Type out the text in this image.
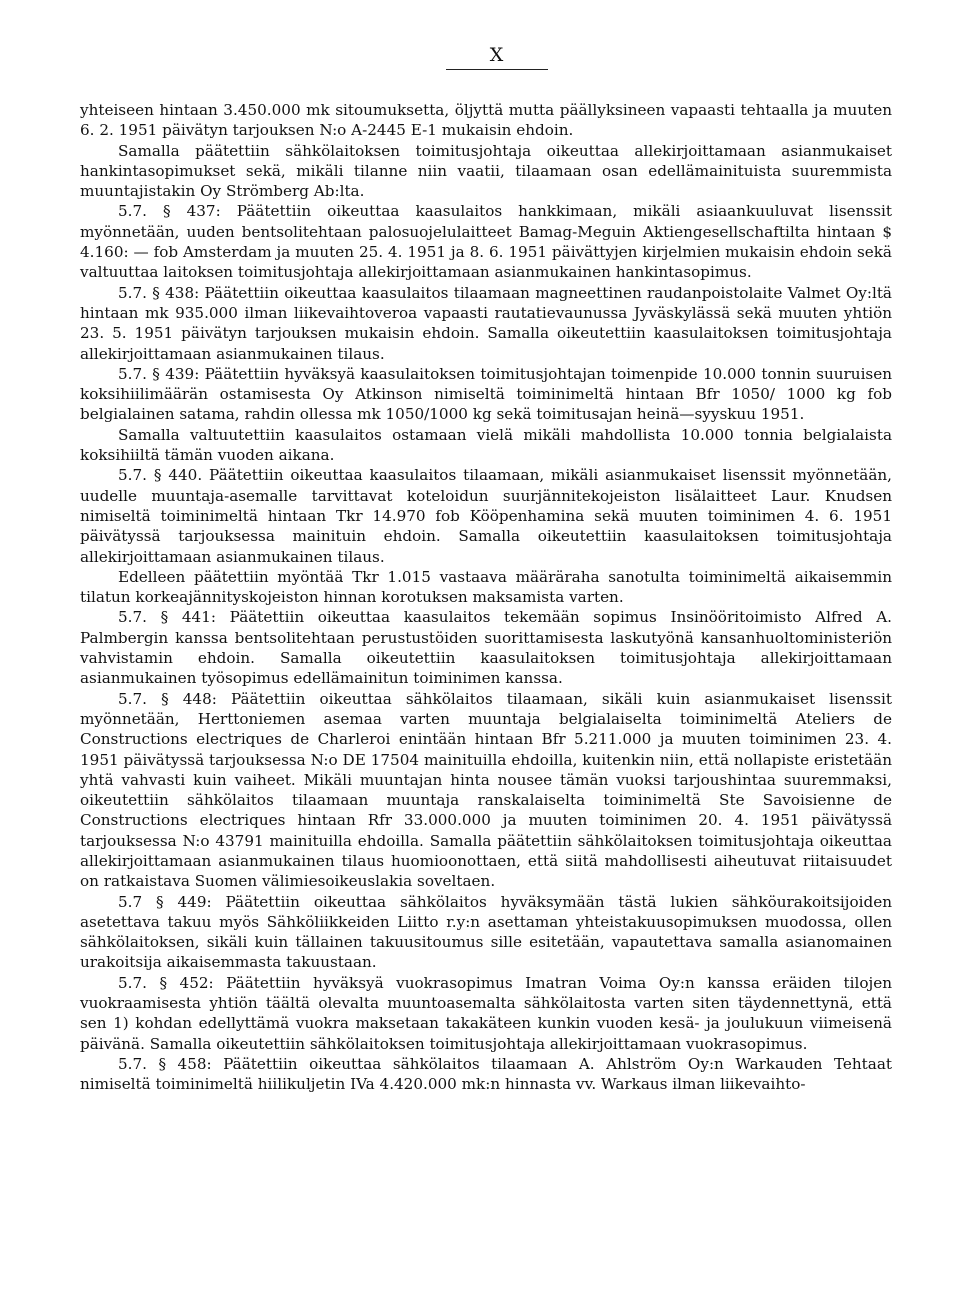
X

yhteiseen hintaan 3.450.000 mk sitoumuksetta, öljyttä mutta päällyksineen vapaasti tehtaalla ja muuten 6. 2. 1951 päivätyn tarjouksen N:o A-2445 E-1 mukaisin ehdoin.

Samalla päätettiin sähkölaitoksen toimitusjohtaja oikeuttaa allekirjoittamaan asianmukaiset hankintasopimukset sekä, mikäli tilanne niin vaatii, tilaamaan osan edellämainituista suuremmista muuntajistakin Oy Strömberg Ab:lta.

5.7. § 437: Päätettiin oikeuttaa kaasulaitos hankkimaan, mikäli asiaankuuluvat lisenssit myönnetään, uuden bentsolitehtaan palosuojelulaitteet Bamag-Meguin Aktiengesellschaftilta hintaan $ 4.160: — fob Amsterdam ja muuten 25. 4. 1951 ja 8. 6. 1951 päivättyjen kirjelmien mukaisin ehdoin sekä valtuuttaa laitoksen toimitusjohtaja allekirjoittamaan asianmukainen hankintasopimus.

5.7. § 438: Päätettiin oikeuttaa kaasulaitos tilaamaan magneettinen raudanpoistolaite Valmet Oy:ltä hintaan mk 935.000 ilman liikevaihtoveroa vapaasti rautatievaunussa Jyväskylässä sekä muuten yhtiön 23. 5. 1951 päivätyn tarjouksen mukaisin ehdoin. Samalla oikeutettiin kaasulaitoksen toimitusjohtaja allekirjoittamaan asianmukainen tilaus.

5.7. § 439: Päätettiin hyväksyä kaasulaitoksen toimitusjohtajan toimenpide 10.000 tonnin suuruisen koksihiilimäärän ostamisesta Oy Atkinson nimiseltä toiminimeltä hintaan Bfr 1050/ 1000 kg fob belgialainen satama, rahdin ollessa mk 1050/1000 kg sekä toimitusajan heinä—syyskuu 1951.

Samalla valtuutettiin kaasulaitos ostamaan vielä mikäli mahdollista 10.000 tonnia belgialaista koksihiiltä tämän vuoden aikana.

5.7. § 440. Päätettiin oikeuttaa kaasulaitos tilaamaan, mikäli asianmukaiset lisenssit myönnetään, uudelle muuntaja-asemalle tarvittavat koteloidun suurjännitekojeiston lisälaitteet Laur. Knudsen nimiseltä toiminimeltä hintaan Tkr 14.970 fob Kööpenhamina sekä muuten toiminimen 4. 6. 1951 päivätyssä tarjouksessa mainituin ehdoin. Samalla oikeutettiin kaasulaitoksen toimitusjohtaja allekirjoittamaan asianmukainen tilaus.

Edelleen päätettiin myöntää Tkr 1.015 vastaava määräraha sanotulta toiminimeltä aikaisemmin tilatun korkeajännityskojeiston hinnan korotuksen maksamista varten.

5.7. § 441: Päätettiin oikeuttaa kaasulaitos tekemään sopimus Insinööritoimisto Alfred A. Palmbergin kanssa bentsolitehtaan perustustöiden suorittamisesta laskutyönä kansanhuoltoministeriön vahvistamin ehdoin. Samalla oikeutettiin kaasulaitoksen toimitusjohtaja allekirjoittamaan asianmukainen työsopimus edellämainitun toiminimen kanssa.

5.7. § 448: Päätettiin oikeuttaa sähkölaitos tilaamaan, sikäli kuin asianmukaiset lisenssit myönnetään, Herttoniemen asemaa varten muuntaja belgialaiselta toiminimeltä Ateliers de Constructions electriques de Charleroi enintään hintaan Bfr 5.211.000 ja muuten toiminimen 23. 4. 1951 päivätyssä tarjouksessa N:o DE 17504 mainituilla ehdoilla, kuitenkin niin, että nollapiste eristetään yhtä vahvasti kuin vaiheet. Mikäli muuntajan hinta nousee tämän vuoksi tarjoushintaa suuremmaksi, oikeutettiin sähkölaitos tilaamaan muuntaja ranskalaiselta toiminimeltä Ste Savoisienne de Constructions electriques hintaan Rfr 33.000.000 ja muuten toiminimen 20. 4. 1951 päivätyssä tarjouksessa N:o 43791 mainituilla ehdoilla. Samalla päätettiin sähkölaitoksen toimitusjohtaja oikeuttaa allekirjoittamaan asianmukainen tilaus huomioonottaen, että siitä mahdollisesti aiheutuvat riitaisuudet on ratkaistava Suomen välimiesoikeuslakia soveltaen.

5.7 § 449: Päätettiin oikeuttaa sähkölaitos hyväksymään tästä lukien sähköurakoitsijoiden asetettava takuu myös Sähköliikkeiden Liitto r.y:n asettaman yhteistakuusopimuksen muodossa, ollen sähkölaitoksen, sikäli kuin tällainen takuusitoumus sille esitetään, vapautettava samalla asianomainen urakoitsija aikaisemmasta takuustaan.

5.7. § 452: Päätettiin hyväksyä vuokrasopimus Imatran Voima Oy:n kanssa eräiden tilojen vuokraamisesta yhtiön täältä olevalta muuntoasemalta sähkölaitosta varten siten täydennettynä, että sen 1) kohdan edellyttämä vuokra maksetaan takakäteen kunkin vuoden kesä- ja joulukuun viimeisenä päivänä. Samalla oikeutettiin sähkölaitoksen toimitusjohtaja allekirjoittamaan vuokrasopimus.

5.7. § 458: Päätettiin oikeuttaa sähkölaitos tilaamaan A. Ahlström Oy:n Warkauden Tehtaat nimiseltä toiminimeltä hiilikuljetin IVa 4.420.000 mk:n hinnasta vv. Warkaus ilman liikevaihto-
